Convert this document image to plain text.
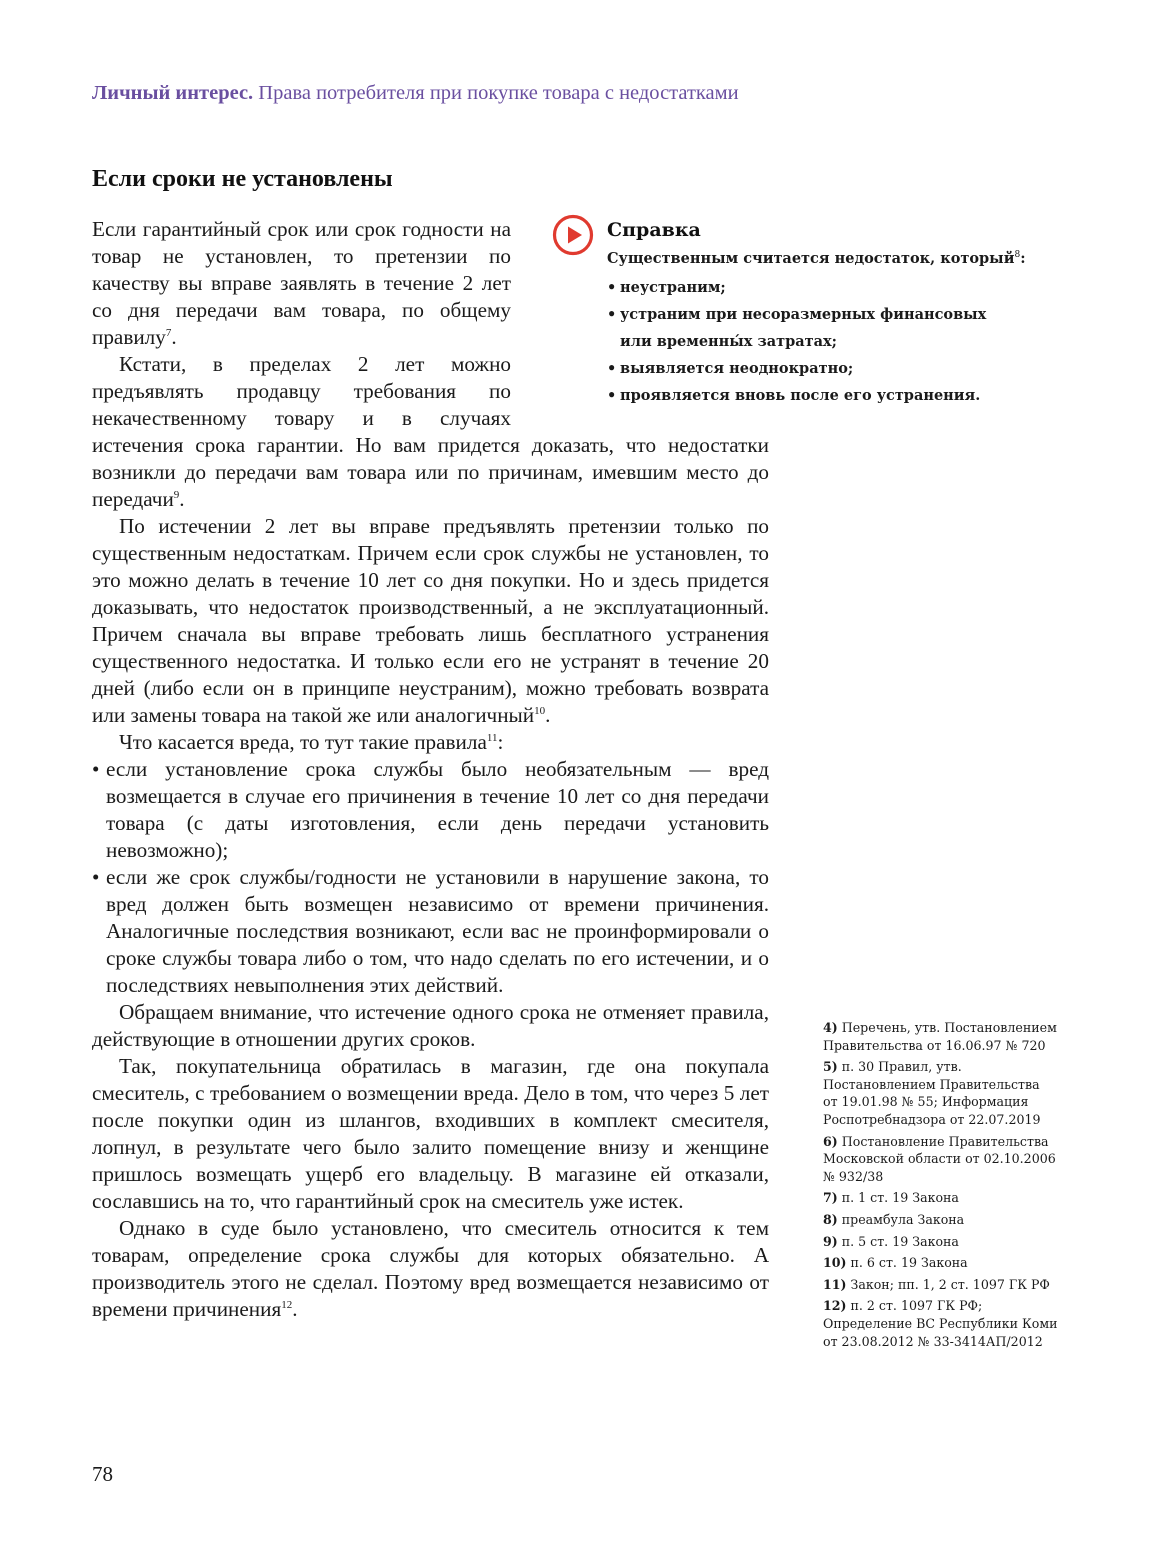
Личный интерес. Права потребителя при покупке товара с недостатками
Если сроки не установлены

Если гарантийный срок или срок годности на товар не установлен, то претензии по качеству вы вправе заявлять в течение 2 лет со дня передачи вам товара, по общему правилу$^7$.

Кстати, в пределах 2 лет можно предъявлять продавцу требования по некачественному товару и в случаях истечения срока гарантии. Но вам придется доказать, что недостатки возникли до передачи вам товара или по причинам, имевшим место до передачи$^9$.

По истечении 2 лет вы вправе предъявлять претензии только по существенным недостаткам. Причем если срок службы не установлен, то это можно делать в течение 10 лет со дня покупки. Но и здесь придется доказывать, что недостаток производственный, а не эксплуатационный. Причем сначала вы вправе требовать лишь бесплатного устранения существенного недостатка. И только если его не устранят в течение 20 дней (либо если он в принципе неустраним), можно требовать возврата или замены товара на такой же или аналогичный$^{10}$.

Что касается вреда, то тут такие правила$^{11}$:

• если установление срока службы было необязательным — вред возмещается в случае его причинения в течение 10 лет со дня передачи товара (с даты изготовления, если день передачи установить невозможно);
• если же срок службы/годности не установили в нарушение закона, то вред должен быть возмещен независимо от времени причинения. Аналогичные последствия возникают, если вас не проинформировали о сроке службы товара либо о том, что надо сделать по его истечении, и о последствиях невыполнения этих действий.

Обращаем внимание, что истечение одного срока не отменяет правила, действующие в отношении других сроков.

Так, покупательница обратилась в магазин, где она покупала смеситель, с требованием о возмещении вреда. Дело в том, что через 5 лет после покупки один из шлангов, входивших в комплект смесителя, лопнул, в результате чего было залито помещение внизу и женщине пришлось возмещать ущерб его владельцу. В магазине ей отказали, сославшись на то, что гарантийный срок на смеситель уже истек.

Однако в суде было установлено, что смеситель относится к тем товарам, определение срока службы для которых обязательно. А производитель этого не сделал. Поэтому вред возмещается независимо от времени причинения$^{12}$.

Справка
Существенным считается недостаток, который$^8$:
• неустраним;
• устраним при несоразмерных финансовых
или временны́х затратах;
• выявляется неоднократно;
• проявляется вновь после его устранения.

4) Перечень, утв. Постановлением Правительства от 16.06.97 № 720

5) п. 30 Правил, утв. Постановлением Правительства от 19.01.98 № 55; Информация Роспотребнадзора от 22.07.2019

6) Постановление Правительства Московской области от 02.10.2006 № 932/38

7) п. 1 ст. 19 Закона

8) преамбула Закона

9) п. 5 ст. 19 Закона

10) п. 6 ст. 19 Закона

11) Закон; пп. 1, 2 ст. 1097 ГК РФ

12) п. 2 ст. 1097 ГК РФ; Определение ВС Республики Коми от 23.08.2012 № 33-3414АП/2012

78
